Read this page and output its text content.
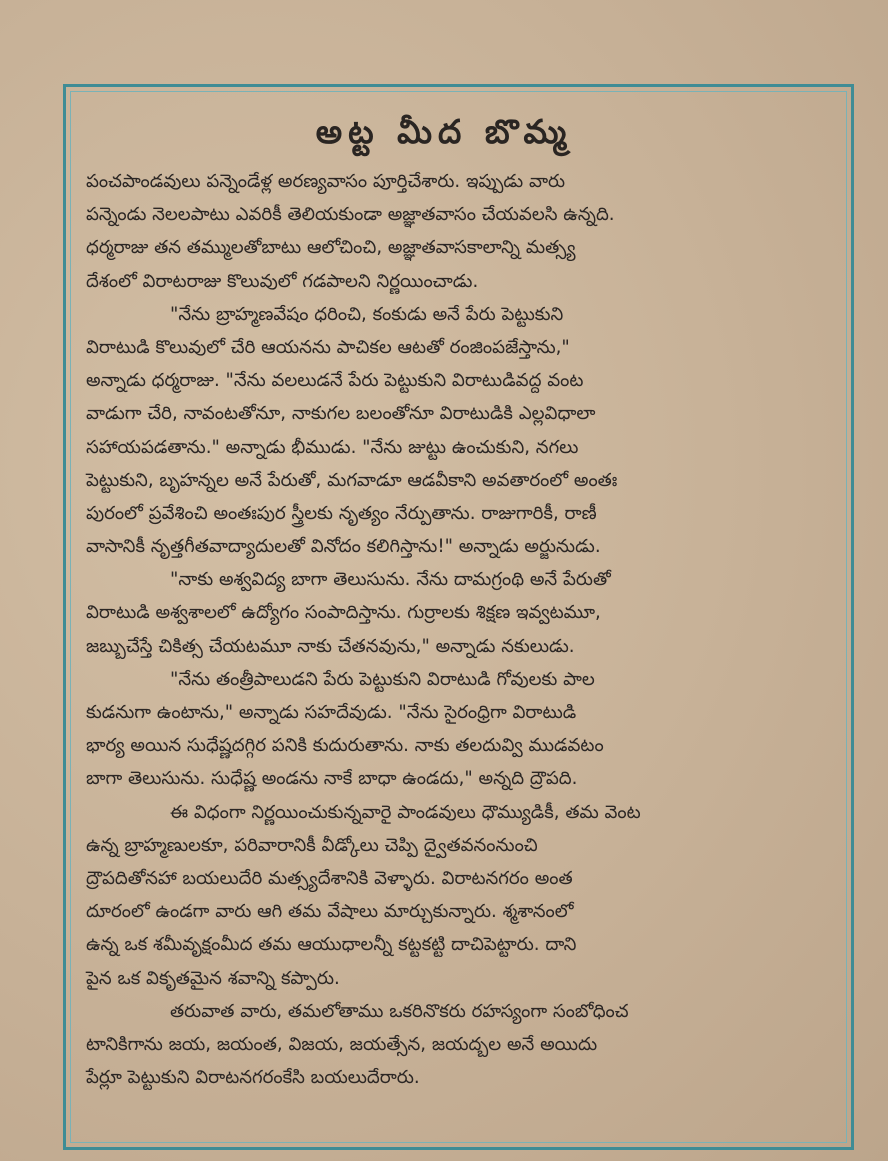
అట్ట మీద బొమ్మ

పంచపాండవులు పన్నెండేళ్ల అరణ్యవాసం పూర్తిచేశారు. ఇప్పుడు వారు
పన్నెండు నెలలపాటు ఎవరికీ తెలియకుండా అజ్ఞాతవాసం చేయవలసి ఉన్నది.
ధర్మరాజు తన తమ్ములతోబాటు ఆలోచించి, అజ్ఞాతవాసకాలాన్ని మత్స్య
దేశంలో విరాటరాజు కొలువులో గడపాలని నిర్ణయించాడు.

"నేను బ్రాహ్మణవేషం ధరించి, కంకుడు అనే పేరు పెట్టుకుని
విరాటుడి కొలువులో చేరి ఆయనను పాచికల ఆటతో రంజింపజేస్తాను,"
అన్నాడు ధర్మరాజు. "నేను వలలుడనే పేరు పెట్టుకుని విరాటుడివద్ద వంట
వాడుగా చేరి, నావంటతోనూ, నాకుగల బలంతోనూ విరాటుడికి ఎల్లవిధాలా
సహాయపడతాను." అన్నాడు భీముడు. "నేను జుట్టు ఉంచుకుని, నగలు
పెట్టుకుని, బృహన్నల అనే పేరుతో, మగవాడూ ఆడవీకాని అవతారంలో అంతః
పురంలో ప్రవేశించి అంతఃపుర స్త్రీలకు నృత్యం నేర్పుతాను. రాజుగారికీ, రాణీ
వాసానికీ నృత్తగీతవాద్యాదులతో వినోదం కలిగిస్తాను!" అన్నాడు అర్జునుడు.

"నాకు అశ్వవిద్య బాగా తెలుసును. నేను దామగ్రంథి అనే పేరుతో
విరాటుడి అశ్వశాలలో ఉద్యోగం సంపాదిస్తాను. గుర్రాలకు శిక్షణ ఇవ్వటమూ,
జబ్బుచేస్తే చికిత్స చేయటమూ నాకు చేతనవును," అన్నాడు నకులుడు.

"నేను తంత్రీపాలుడని పేరు పెట్టుకుని విరాటుడి గోవులకు పాల
కుడనుగా ఉంటాను," అన్నాడు సహదేవుడు. "నేను సైరంధ్రిగా విరాటుడి
భార్య అయిన సుధేష్ణదగ్గిర పనికి కుదురుతాను. నాకు తలదువ్వి ముడవటం
బాగా తెలుసును. సుధేష్ణ అండను నాకే బాధా ఉండదు," అన్నది ద్రౌపది.

ఈ విధంగా నిర్ణయించుకున్నవారై పాండవులు ధౌమ్యుడికీ, తమ వెంట
ఉన్న బ్రాహ్మణులకూ, పరివారానికీ వీడ్కోలు చెప్పి ద్వైతవనంనుంచి
ద్రౌపదితోనహా బయలుదేరి మత్స్యదేశానికి వెళ్ళారు. విరాటనగరం అంత
దూరంలో ఉండగా వారు ఆగి తమ వేషాలు మార్చుకున్నారు. శ్మశానంలో
ఉన్న ఒక శమీవృక్షంమీద తమ ఆయుధాలన్నీ కట్టకట్టి దాచిపెట్టారు. దాని
పైన ఒక వికృతమైన శవాన్ని కప్పారు.

తరువాత వారు, తమలోతాము ఒకరినొకరు రహస్యంగా సంబోధించ
టానికిగాను జయ, జయంత, విజయ, జయత్సేన, జయద్బల అనే అయిదు
పేర్లూ పెట్టుకుని విరాటనగరంకేసి బయలుదేరారు.
